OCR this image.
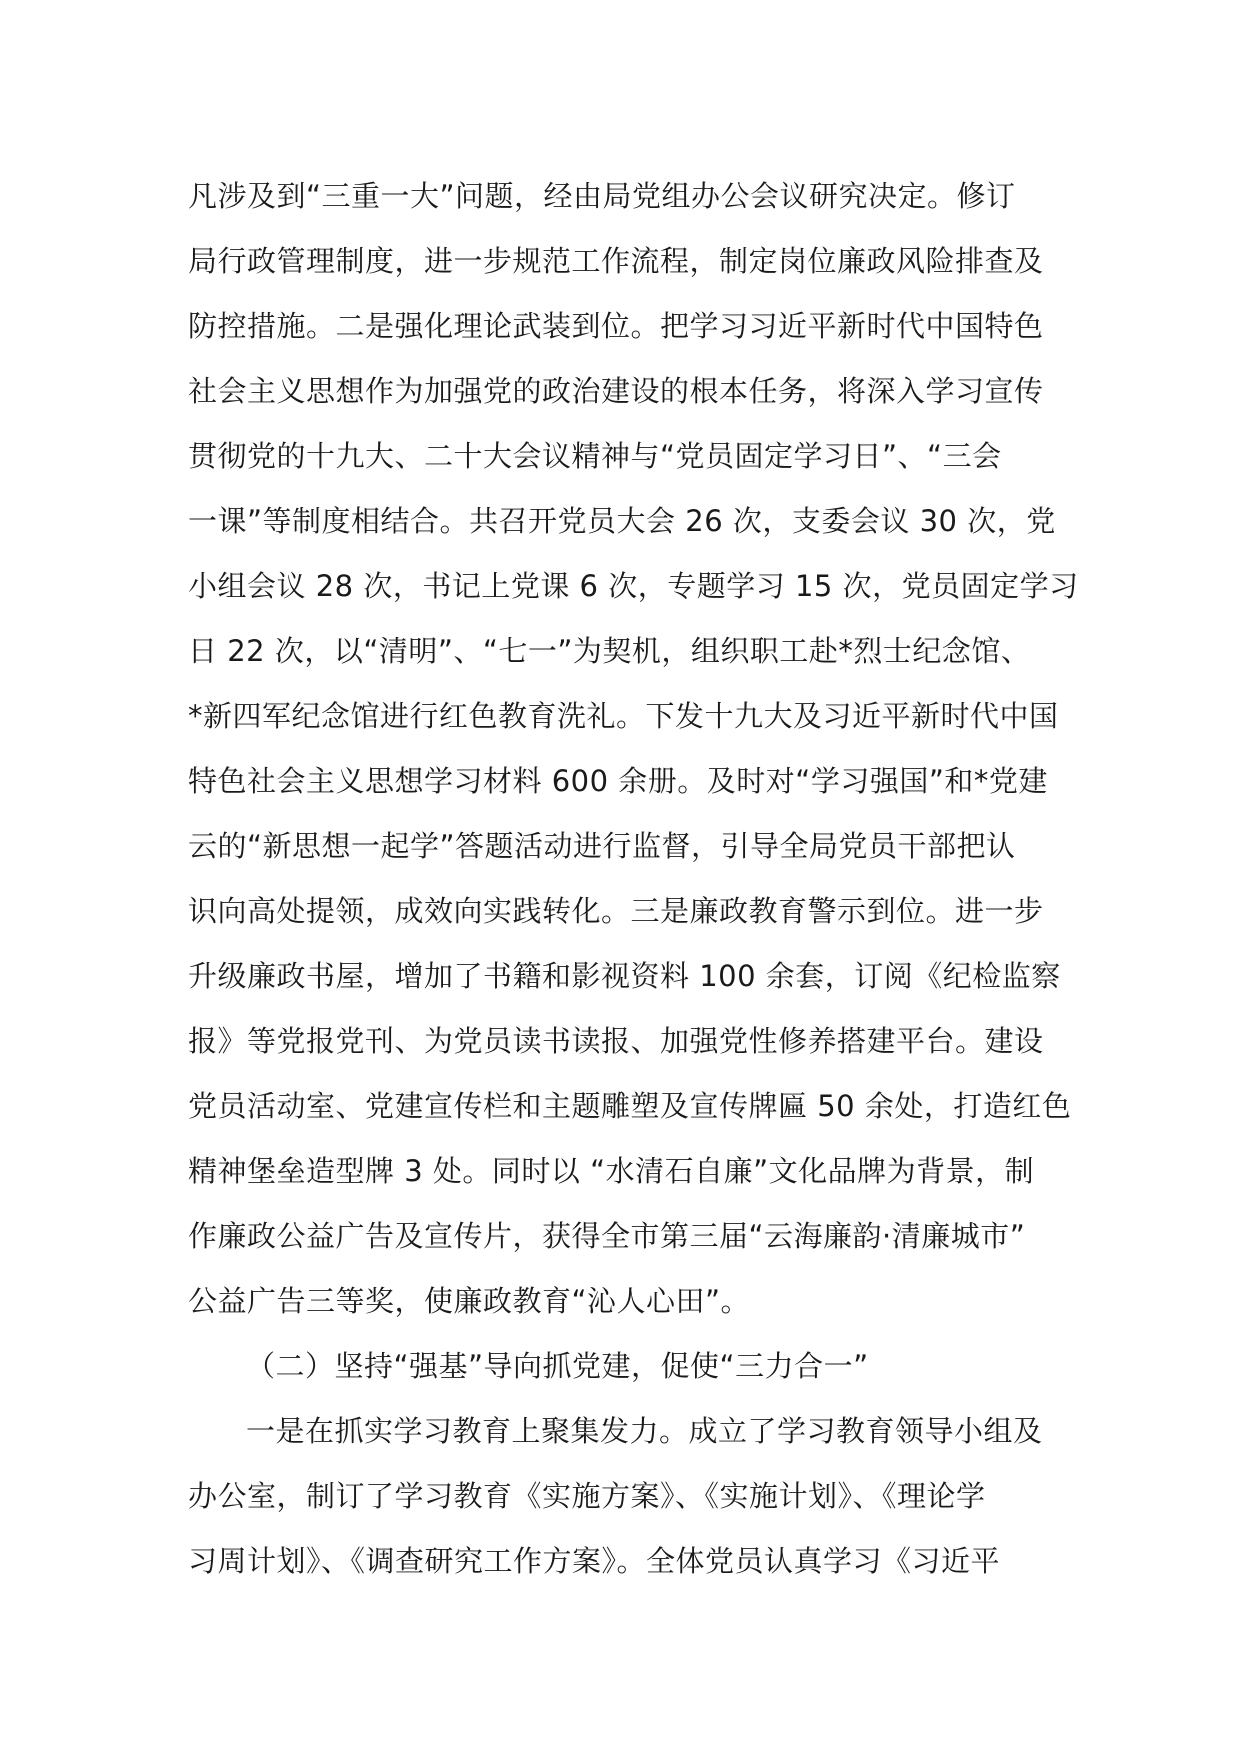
凡涉及到“三重一大”问题，经由局党组办公会议研究决定。修订
局行政管理制度，进一步规范工作流程，制定岗位廉政风险排查及
防控措施。二是强化理论武装到位。把学习习近平新时代中国特色
社会主义思想作为加强党的政治建设的根本任务，将深入学习宣传
贯彻党的十九大、二十大会议精神与“党员固定学习日”、“三会
一课”等制度相结合。共召开党员大会 26 次，支委会议 30 次，党
小组会议 28 次，书记上党课 6 次，专题学习 15 次，党员固定学习
日 22 次，以“清明”、“七一”为契机，组织职工赴*烈士纪念馆、
*新四军纪念馆进行红色教育洗礼。下发十九大及习近平新时代中国
特色社会主义思想学习材料 600 余册。及时对“学习强国”和*党建
云的“新思想一起学”答题活动进行监督，引导全局党员干部把认
识向高处提领，成效向实践转化。三是廉政教育警示到位。进一步
升级廉政书屋，增加了书籍和影视资料 100 余套，订阅《纪检监察
报》等党报党刊、为党员读书读报、加强党性修养搭建平台。建设
党员活动室、党建宣传栏和主题雕塑及宣传牌匾 50 余处，打造红色
精神堡垒造型牌 3 处。同时以 “水清石自廉”文化品牌为背景，制
作廉政公益广告及宣传片，获得全市第三届“云海廉韵·清廉城市”
公益广告三等奖，使廉政教育“沁人心田”。
（二）坚持“强基”导向抓党建，促使“三力合一”
一是在抓实学习教育上聚集发力。成立了学习教育领导小组及
办公室，制订了学习教育《实施方案》、《实施计划》、《理论学
习周计划》、《调查研究工作方案》。全体党员认真学习《习近平
